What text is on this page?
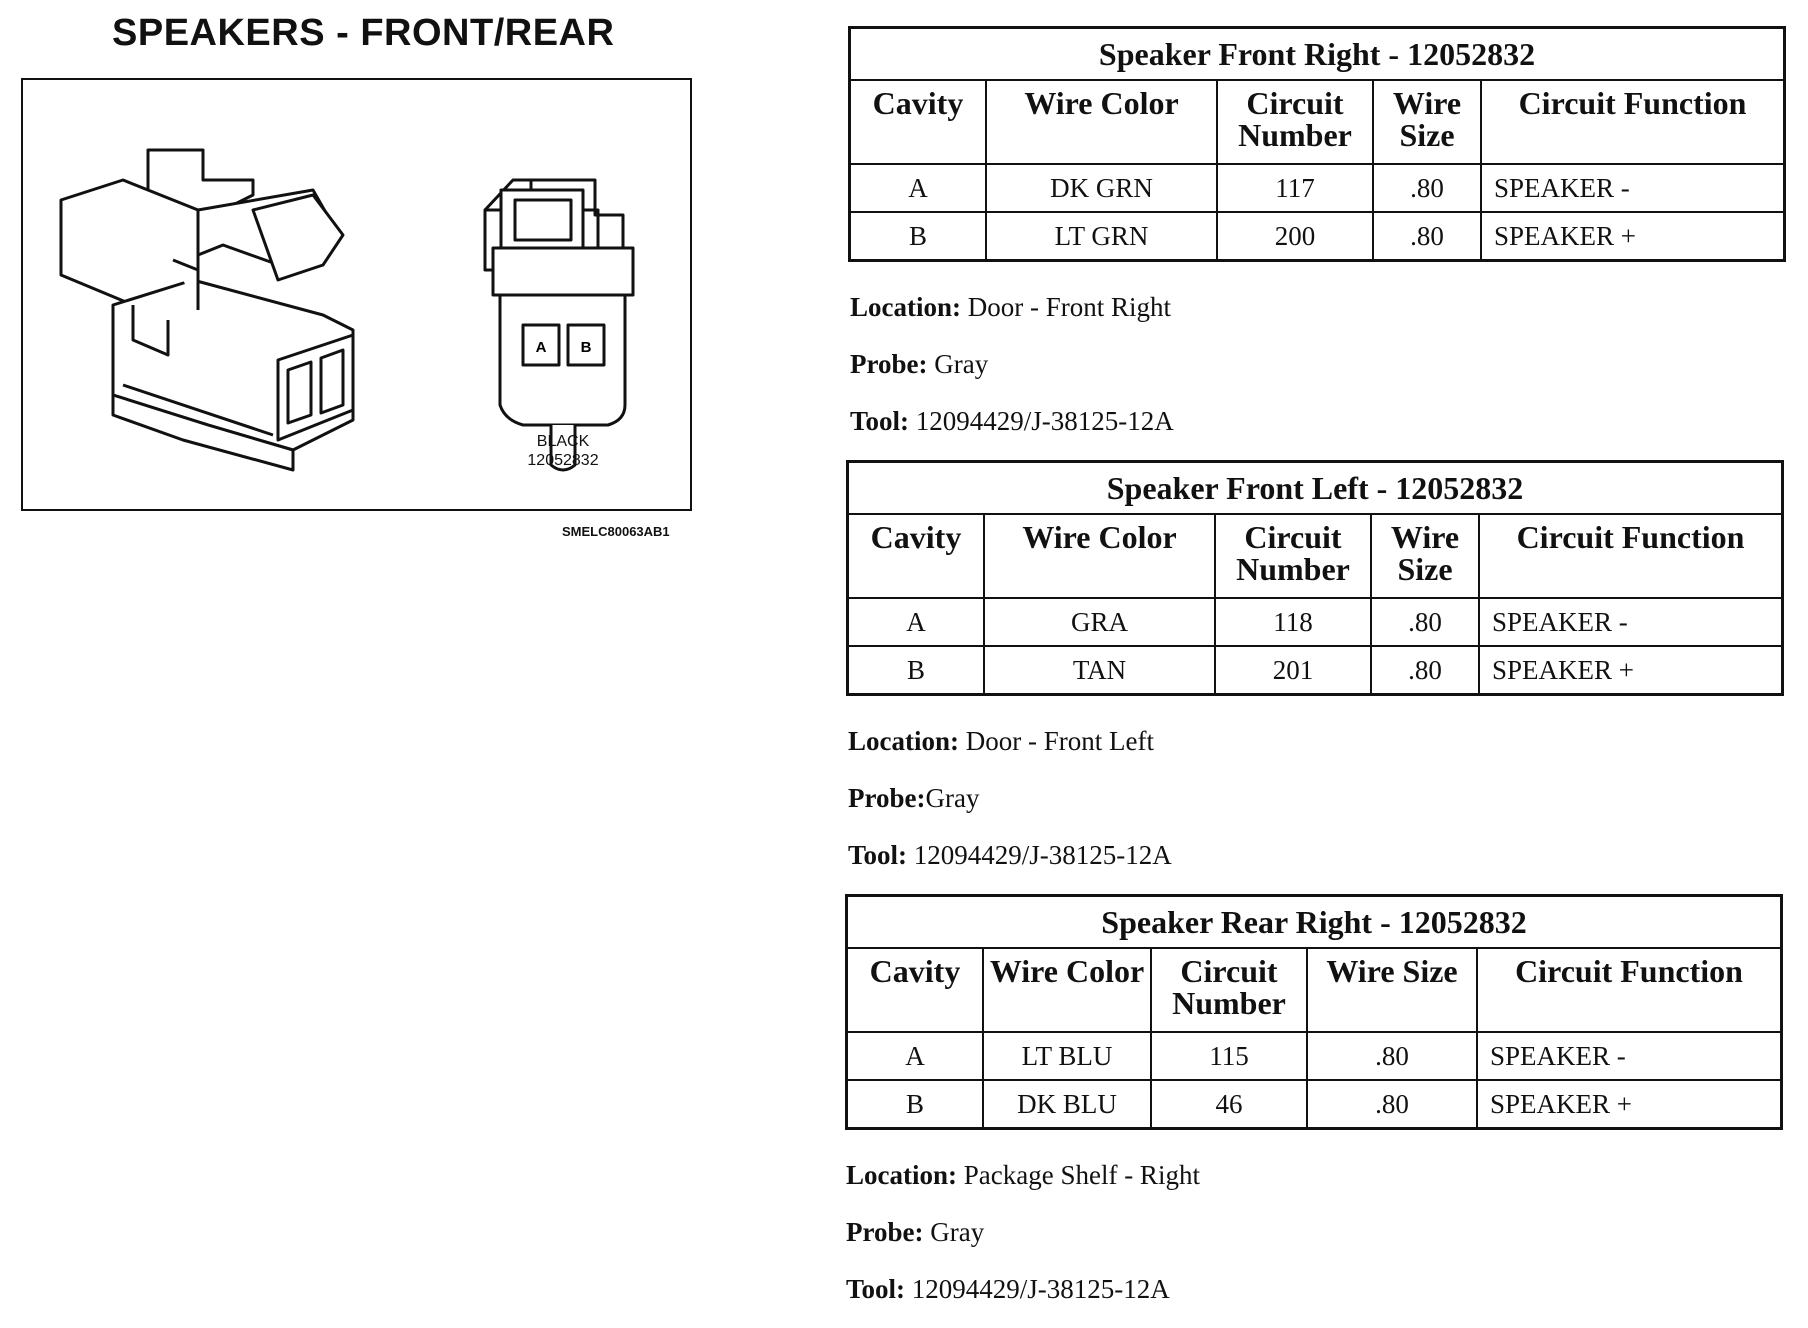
SPEAKERS - FRONT/REAR
A B
BLACK
12052832
SMELC80063AB1
Speaker Front Right - 12052832				
Cavity	Wire Color	Circuit Number	Wire Size	Circuit Function
A	DK GRN	117	.80	SPEAKER -
B	LT GRN	200	.80	SPEAKER +
Location: Door - Front Right
Probe: Gray
Tool: 12094429/J-38125-12A
Speaker Front Left - 12052832				
Cavity	Wire Color	Circuit Number	Wire Size	Circuit Function
A	GRA	118	.80	SPEAKER -
B	TAN	201	.80	SPEAKER +
Location: Door - Front Left
Probe:Gray
Tool: 12094429/J-38125-12A
Speaker Rear Right - 12052832				
Cavity	Wire Color	Circuit Number	Wire Size	Circuit Function
A	LT BLU	115	.80	SPEAKER -
B	DK BLU	46	.80	SPEAKER +
Location: Package Shelf - Right
Probe: Gray
Tool: 12094429/J-38125-12A
